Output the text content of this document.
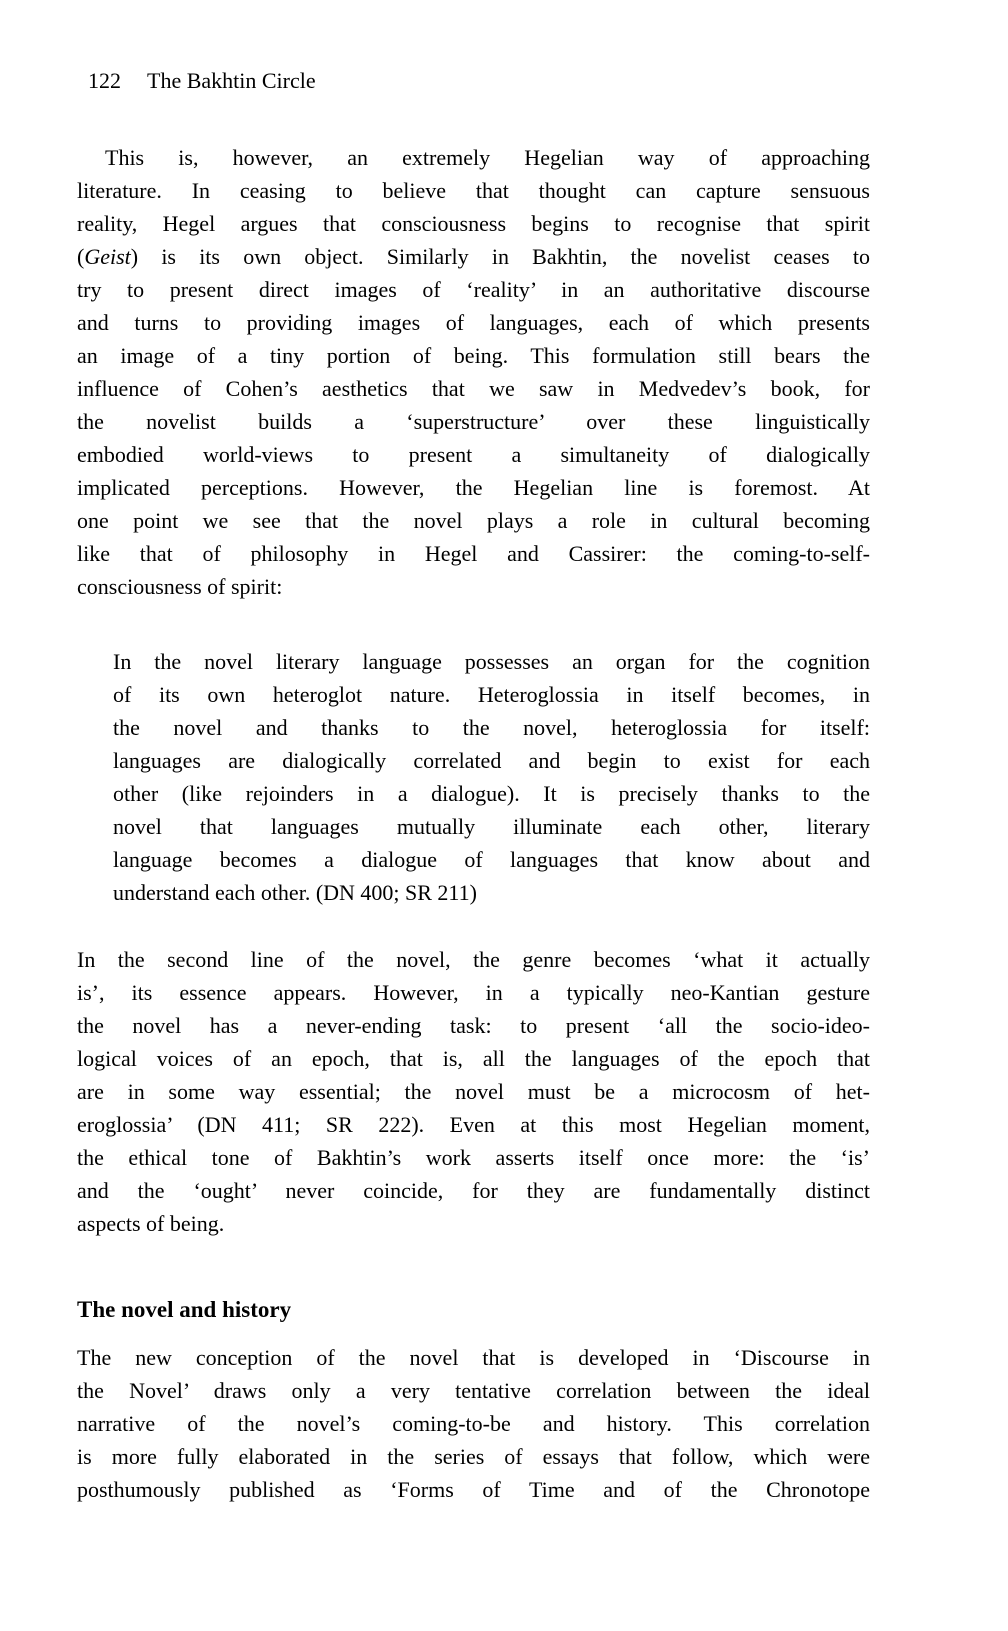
122 The Bakhtin Circle
This is, however, an extremely Hegelian way of approaching
literature. In ceasing to believe that thought can capture sensuous
reality, Hegel argues that consciousness begins to recognise that spirit
(Geist) is its own object. Similarly in Bakhtin, the novelist ceases to
try to present direct images of ‘reality’ in an authoritative discourse
and turns to providing images of languages, each of which presents
an image of a tiny portion of being. This formulation still bears the
influence of Cohen’s aesthetics that we saw in Medvedev’s book, for
the novelist builds a ‘superstructure’ over these linguistically
embodied world-views to present a simultaneity of dialogically
implicated perceptions. However, the Hegelian line is foremost. At
one point we see that the novel plays a role in cultural becoming
like that of philosophy in Hegel and Cassirer: the coming-to-self-
consciousness of spirit:
In the novel literary language possesses an organ for the cognition
of its own heteroglot nature. Heteroglossia in itself becomes, in
the novel and thanks to the novel, heteroglossia for itself:
languages are dialogically correlated and begin to exist for each
other (like rejoinders in a dialogue). It is precisely thanks to the
novel that languages mutually illuminate each other, literary
language becomes a dialogue of languages that know about and
understand each other. (DN 400; SR 211)
In the second line of the novel, the genre becomes ‘what it actually
is’, its essence appears. However, in a typically neo-Kantian gesture
the novel has a never-ending task: to present ‘all the socio-ideo-
logical voices of an epoch, that is, all the languages of the epoch that
are in some way essential; the novel must be a microcosm of het-
eroglossia’ (DN 411; SR 222). Even at this most Hegelian moment,
the ethical tone of Bakhtin’s work asserts itself once more: the ‘is’
and the ‘ought’ never coincide, for they are fundamentally distinct
aspects of being.
The novel and history
The new conception of the novel that is developed in ‘Discourse in
the Novel’ draws only a very tentative correlation between the ideal
narrative of the novel’s coming-to-be and history. This correlation
is more fully elaborated in the series of essays that follow, which were
posthumously published as ‘Forms of Time and of the Chronotope
